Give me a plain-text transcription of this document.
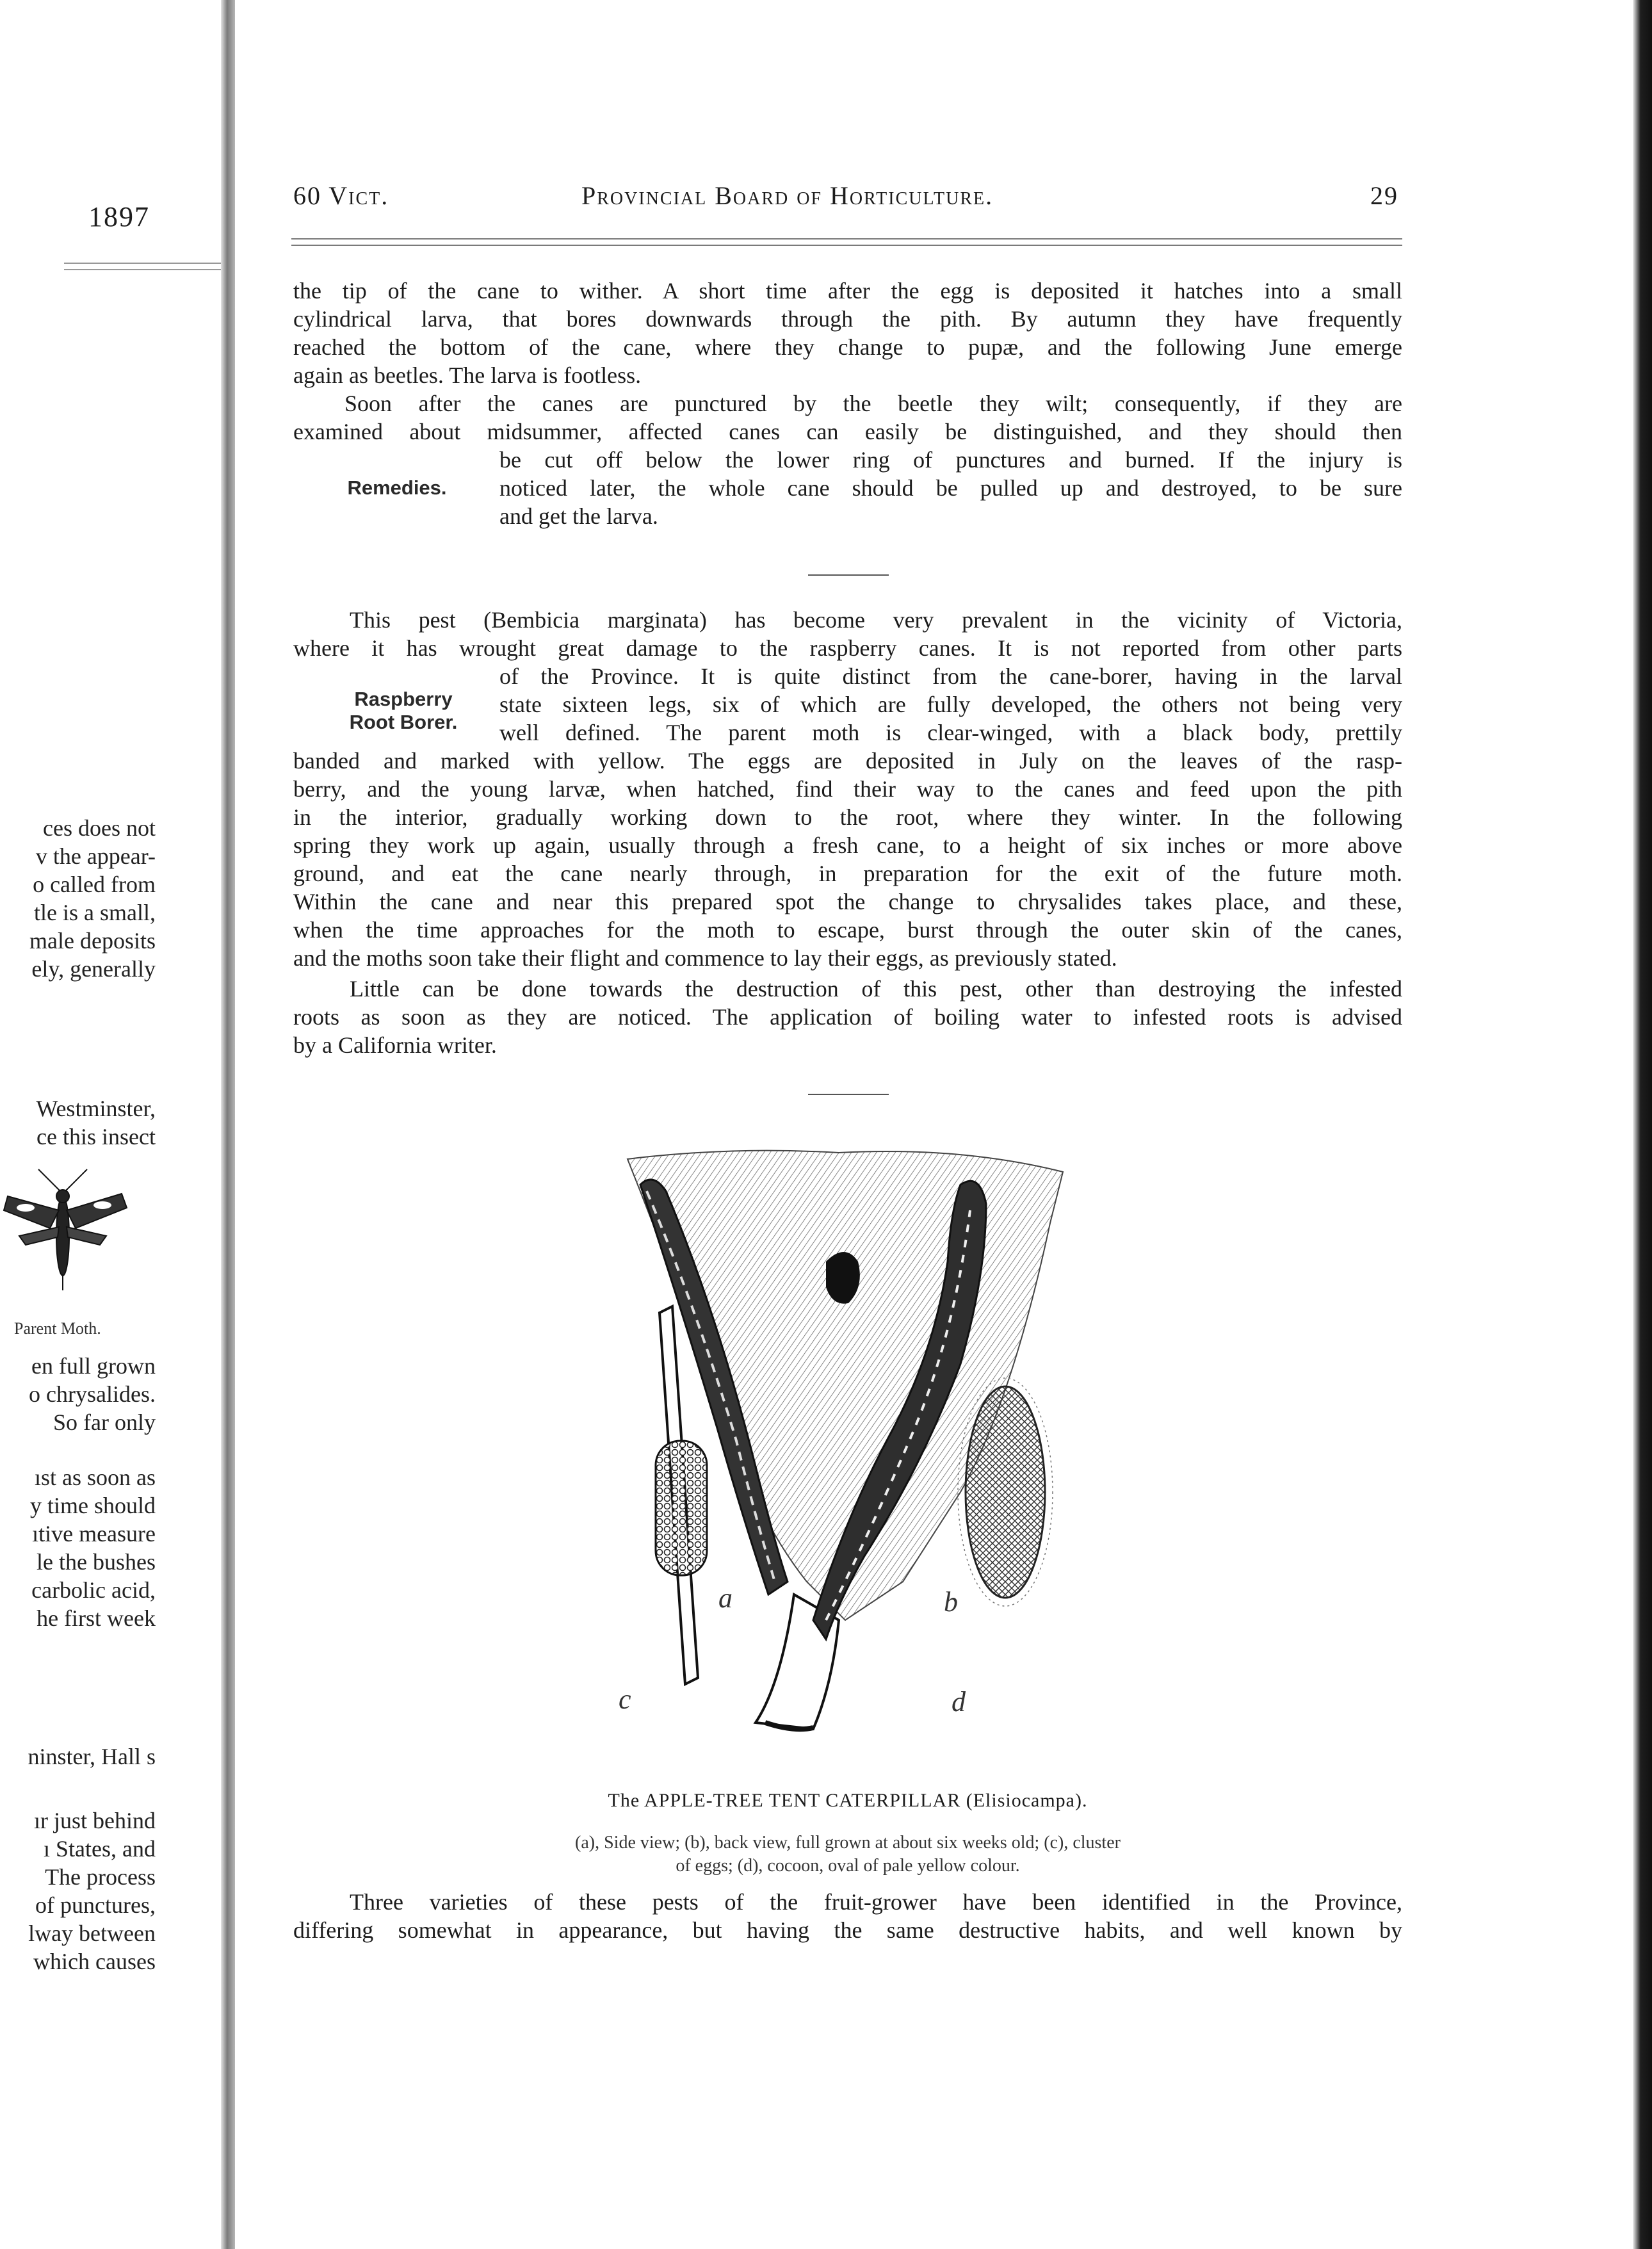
1897
ces does not
v the appear-
o called from
tle is a small,
male deposits
ely, generally
Westminster,
ce this insect
Parent Moth.
en full grown
o chrysalides.
So far only
ıst as soon as
y time should
ıtive measure
le the bushes
carbolic acid,
he first week
ninster, Hall s
ır just behind
ı States, and
The process
of punctures,
lway between
which causes
60 Vict.	Provincial Board of Horticulture.	29
the tip of the cane to wither. A short time after the egg is deposited it hatches into a small
cylindrical larva, that bores downwards through the pith. By autumn they have frequently
reached the bottom of the cane, where they change to pupæ, and the following June emerge
again as beetles. The larva is footless.
Soon after the canes are punctured by the beetle they wilt; consequently, if they are
examined about midsummer, affected canes can easily be distinguished, and they should then
be cut off below the lower ring of punctures and burned. If the injury is
noticed later, the whole cane should be pulled up and destroyed, to be sure
and get the larva.
Remedies.
This pest (Bembicia marginata) has become very prevalent in the vicinity of Victoria,
where it has wrought great damage to the raspberry canes. It is not reported from other parts
of the Province. It is quite distinct from the cane-borer, having in the larval
state sixteen legs, six of which are fully developed, the others not being very
well defined. The parent moth is clear-winged, with a black body, prettily
Raspberry
Root Borer.
banded and marked with yellow. The eggs are deposited in July on the leaves of the rasp-
berry, and the young larvæ, when hatched, find their way to the canes and feed upon the pith
in the interior, gradually working down to the root, where they winter. In the following
spring they work up again, usually through a fresh cane, to a height of six inches or more above
ground, and eat the cane nearly through, in preparation for the exit of the future moth.
Within the cane and near this prepared spot the change to chrysalides takes place, and these,
when the time approaches for the moth to escape, burst through the outer skin of the canes,
and the moths soon take their flight and commence to lay their eggs, as previously stated.
Little can be done towards the destruction of this pest, other than destroying the infested
roots as soon as they are noticed. The application of boiling water to infested roots is advised
by a California writer.
a	b
c	d
The APPLE-TREE TENT CATERPILLAR (Elisiocampa).
(a), Side view; (b), back view, full grown at about six weeks old; (c), cluster
of eggs; (d), cocoon, oval of pale yellow colour.
Three varieties of these pests of the fruit-grower have been identified in the Province,
differing somewhat in appearance, but having the same destructive habits, and well known by
